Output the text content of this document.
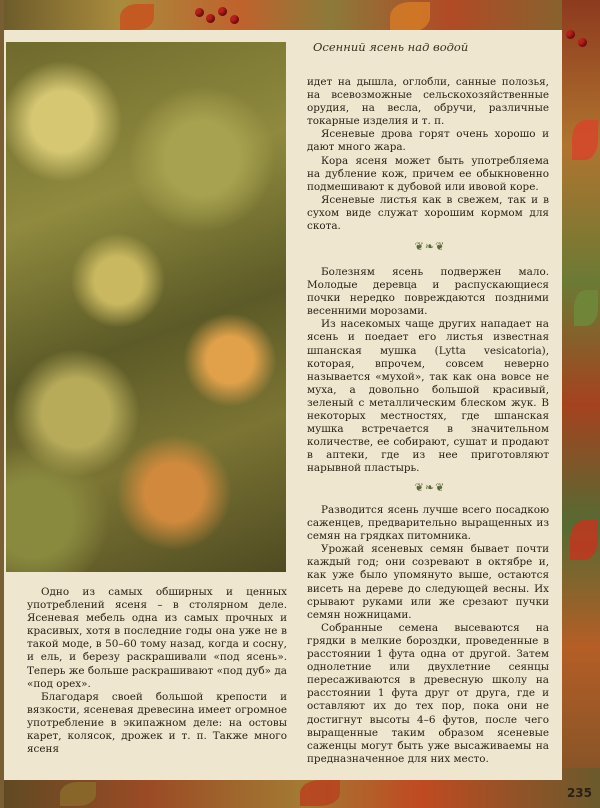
Осенний ясень над водой

идет на дышла, оглобли, санные полозья, на всевозможные сельскохозяйственные орудия, на весла, обручи, различные токарные изделия и т. п.

Ясеневые дрова горят очень хорошо и дают много жара.

Кора ясеня может быть употребляема на дубление кож, причем ее обыкновенно подмешивают к дубовой или ивовой коре.

Ясеневые листья как в свежем, так и в сухом виде служат хорошим кормом для скота.

❦❧❦

Болезням ясень подвержен мало. Молодые деревца и распускающиеся почки нередко повреждаются поздними весенними морозами.

Из насекомых чаще других нападает на ясень и поедает его листья известная шпанская мушка (Lytta vesicatoria), которая, впрочем, совсем неверно называется «мухой», так как она вовсе не муха, а довольно большой красивый, зеленый с металлическим блеском жук. В некоторых местностях, где шпанская мушка встречается в значительном количестве, ее собирают, сушат и продают в аптеки, где из нее приготовляют нарывной пластырь.

❦❧❦

Разводится ясень лучше всего посадкою саженцев, предварительно выращенных из семян на грядках питомника.

Урожай ясеневых семян бывает почти каждый год; они созревают в октябре и, как уже было упомянуто выше, остаются висеть на дереве до следующей весны. Их срывают руками или же срезают пучки семян ножницами.

Собранные семена высеваются на грядки в мелкие бороздки, проведенные в расстоянии 1 фута одна от другой. Затем однолетние или двухлетние сеянцы пересаживаются в древесную школу на расстоянии 1 фута друг от друга, где и оставляют их до тех пор, пока они не достигнут высоты 4–6 футов, после чего выращенные таким образом ясеневые саженцы могут быть уже высаживаемы на предназначенное для них место.

Одно из самых обширных и ценных употреблений ясеня – в столярном деле. Ясеневая мебель одна из самых прочных и красивых, хотя в последние годы она уже не в такой моде, в 50–60 тому назад, когда и сосну, и ель, и березу раскрашивали «под ясень». Теперь же больше раскрашивают «под дуб» да «под орех».

Благодаря своей большой крепости и вязкости, ясеневая древесина имеет огромное употребление в экипажном деле: на остовы карет, колясок, дрожек и т. п. Также много ясеня

235
